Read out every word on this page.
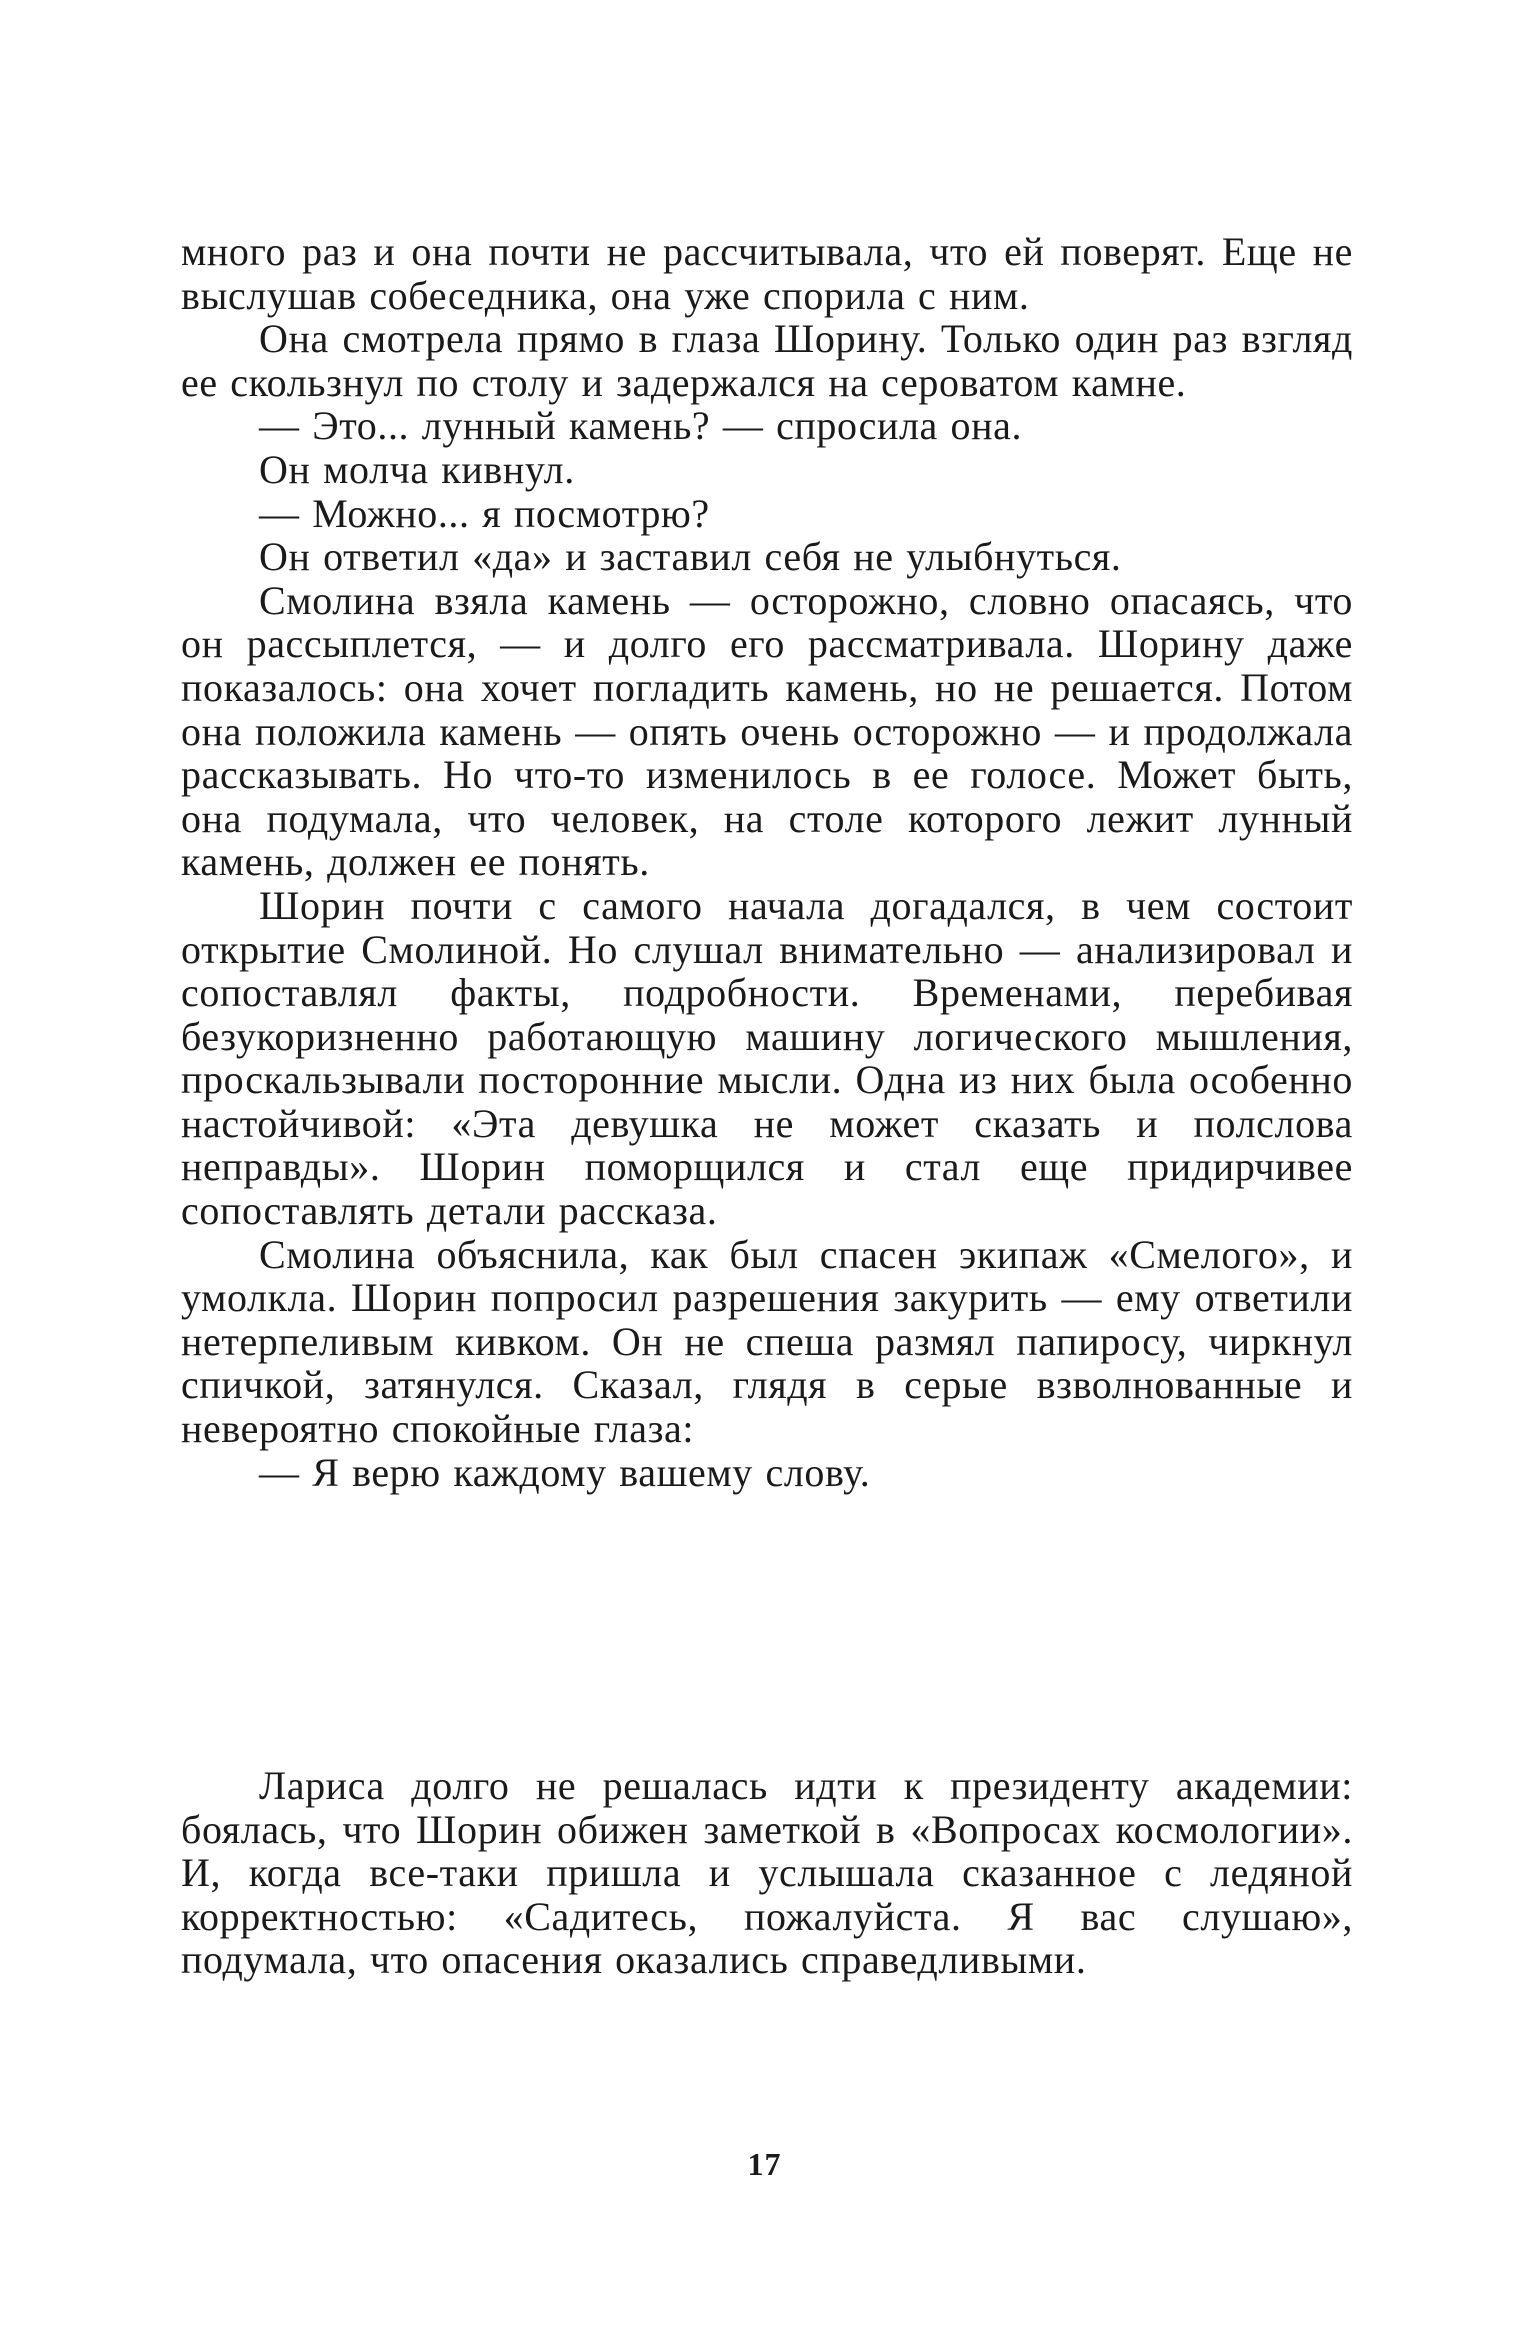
много раз и она почти не рассчитывала, что ей поверят. Еще не выслушав собеседника, она уже спорила с ним.

Она смотрела прямо в глаза Шорину. Только один раз взгляд ее скользнул по столу и задержался на сероватом камне.

— Это... лунный камень? — спросила она.

Он молча кивнул.

— Можно... я посмотрю?

Он ответил «да» и заставил себя не улыбнуться.

Смолина взяла камень — осторожно, словно опасаясь, что он рассыплется, — и долго его рассматривала. Шорину даже показалось: она хочет погладить камень, но не решается. Потом она положила камень — опять очень осторожно — и продолжала рассказывать. Но что-то изменилось в ее голосе. Может быть, она подумала, что человек, на столе которого лежит лунный камень, должен ее понять.

Шорин почти с самого начала догадался, в чем состоит открытие Смолиной. Но слушал внимательно — анализировал и сопоставлял факты, подробности. Временами, перебивая безукоризненно работающую машину логического мышления, проскальзывали посторонние мысли. Одна из них была особенно настойчивой: «Эта девушка не может сказать и полслова неправды». Шорин поморщился и стал еще придирчивее сопоставлять детали рассказа.

Смолина объяснила, как был спасен экипаж «Смелого», и умолкла. Шорин попросил разрешения закурить — ему ответили нетерпеливым кивком. Он не спеша размял папиросу, чиркнул спичкой, затянулся. Сказал, глядя в серые взволнованные и невероятно спокойные глаза:

— Я верю каждому вашему слову.

Лариса долго не решалась идти к президенту академии: боялась, что Шорин обижен заметкой в «Вопросах космологии». И, когда все-таки пришла и услышала сказанное с ледяной корректностью: «Садитесь, пожалуйста. Я вас слушаю», подумала, что опасения оказались справедливыми.

17
